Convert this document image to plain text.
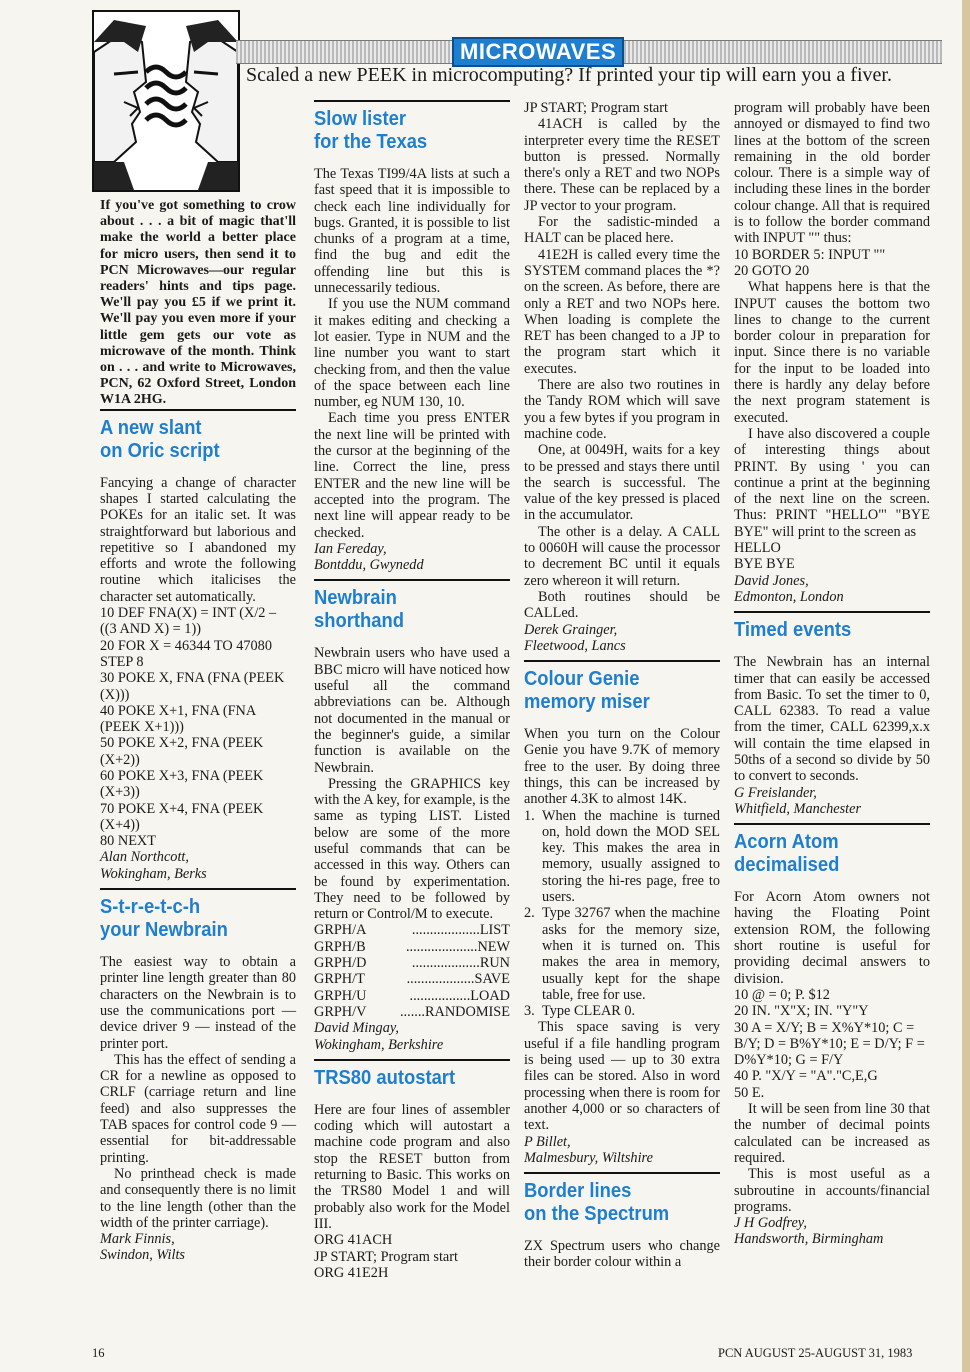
MICROWAVES
Scaled a new PEEK in microcomputing? If printed your tip will earn you a fiver.

If you've got something to crow about . . . a bit of magic that'll make the world a better place for micro users, then send it to PCN Microwaves—our regular readers' hints and tips page. We'll pay you £5 if we print it. We'll pay you even more if your little gem gets our vote as microwave of the month. Think on . . . and write to Microwaves, PCN, 62 Oxford Street, London W1A 2HG.

A new slant
on Oric script

Fancying a change of character shapes I started calculating the POKEs for an italic set. It was straightforward but laborious and repetitive so I abandoned my efforts and wrote the following routine which italicises the character set automatically.

10 DEF FNA(X) = INT (X/2 – ((3 AND X) = 1))
20 FOR X = 46344 TO 47080 STEP 8
30 POKE X, FNA (FNA (PEEK (X)))
40 POKE X+1, FNA (FNA (PEEK X+1)))
50 POKE X+2, FNA (PEEK (X+2))
60 POKE X+3, FNA (PEEK (X+3))
70 POKE X+4, FNA (PEEK (X+4))
80 NEXT
Alan Northcott,
Wokingham, Berks
S-t-r-e-t-c-h
your Newbrain

The easiest way to obtain a printer line length greater than 80 characters on the Newbrain is to use the communications port — device driver 9 — instead of the printer port.

This has the effect of sending a CR for a newline as opposed to CRLF (carriage return and line feed) and also suppresses the TAB spaces for control code 9 — essential for bit-addressable printing.

No printhead check is made and consequently there is no limit to the line length (other than the width of the printer carriage).

Mark Finnis,
Swindon, Wilts
Slow lister
for the Texas

The Texas TI99/4A lists at such a fast speed that it is impossible to check each line individually for bugs. Granted, it is possible to list chunks of a program at a time, find the bug and edit the offending line but this is unnecessarily tedious.

If you use the NUM command it makes editing and checking a lot easier. Type in NUM and the line number you want to start checking from, and then the value of the space between each line number, eg NUM 130, 10.

Each time you press ENTER the next line will be printed with the cursor at the beginning of the line. Correct the line, press ENTER and the new line will be accepted into the program. The next line will appear ready to be checked.

Ian Fereday,
Bontddu, Gwynedd
Newbrain
shorthand

Newbrain users who have used a BBC micro will have noticed how useful all the command abbreviations can be. Although not documented in the manual or the beginner's guide, a similar function is available on the Newbrain.

Pressing the GRAPHICS key with the A key, for example, is the same as typing LIST. Listed below are some of the more useful commands that can be accessed in this way. Others can be found by experimentation. They need to be followed by return or Control/M to execute.

GRPH/A	...................LIST
GRPH/B	....................NEW
GRPH/D	...................RUN
GRPH/T	...................SAVE
GRPH/U	.................LOAD
GRPH/V	.......RANDOMISE
David Mingay,
Wokingham, Berkshire
TRS80 autostart

Here are four lines of assembler coding which will autostart a machine code program and also stop the RESET button from returning to Basic. This works on the TRS80 Model 1 and will probably also work for the Model III.

ORG 41ACH
JP START; Program start
ORG 41E2H
JP START; Program start

41ACH is called by the interpreter every time the RESET button is pressed. Normally there's only a RET and two NOPs there. These can be replaced by a JP vector to your program.

For the sadistic-minded a HALT can be placed here.

41E2H is called every time the SYSTEM command places the *? on the screen. As before, there are only a RET and two NOPs here. When loading is complete the RET has been changed to a JP to the program start which it executes.

There are also two routines in the Tandy ROM which will save you a few bytes if you program in machine code.

One, at 0049H, waits for a key to be pressed and stays there until the search is successful. The value of the key pressed is placed in the accumulator.

The other is a delay. A CALL to 0060H will cause the processor to decrement BC until it equals zero whereon it will return.

Both routines should be CALLed.

Derek Grainger,
Fleetwood, Lancs
Colour Genie
memory miser

When you turn on the Colour Genie you have 9.7K of memory free to the user. By doing three things, this can be increased by another 4.3K to almost 14K.

1. When the machine is turned on, hold down the MOD SEL key. This makes the area in memory, usually assigned to storing the hi-res page, free to users.
2. Type 32767 when the machine asks for the memory size, when it is turned on. This makes the area in memory, usually kept for the shape table, free for use.
3. Type CLEAR 0.

This space saving is very useful if a file handling program is being used — up to 30 extra files can be stored. Also in word processing when there is room for another 4,000 or so characters of text.

P Billet,
Malmesbury, Wiltshire
Border lines
on the Spectrum

ZX Spectrum users who change their border colour within a

program will probably have been annoyed or dismayed to find two lines at the bottom of the screen remaining in the old border colour. There is a simple way of including these lines in the border colour change. All that is required is to follow the border command with INPUT "" thus:

10 BORDER 5: INPUT ""
20 GOTO 20

What happens here is that the INPUT causes the bottom two lines to change to the current border colour in preparation for input. Since there is no variable for the input to be loaded into there is hardly any delay before the next program statement is executed.

I have also discovered a couple of interesting things about PRINT. By using ' you can continue a print at the beginning of the next line on the screen. Thus: PRINT "HELLO"' "BYE BYE" will print to the screen as

HELLO
BYE BYE
David Jones,
Edmonton, London
Timed events

The Newbrain has an internal timer that can easily be accessed from Basic. To set the timer to 0, CALL 62383. To read a value from the timer, CALL 62399,x.x will contain the time elapsed in 50ths of a second so divide by 50 to convert to seconds.

G Freislander,
Whitfield, Manchester
Acorn Atom
decimalised

For Acorn Atom owners not having the Floating Point extension ROM, the following short routine is useful for providing decimal answers to division.

10 @ = 0; P. $12
20 IN. "X"X; IN. "Y"Y
30 A = X/Y; B = X%Y*10; C = B/Y; D = B%Y*10; E = D/Y; F = D%Y*10; G = F/Y
40 P. "X/Y = "A"."C,E,G
50 E.

It will be seen from line 30 that the number of decimal points calculated can be increased as required.

This is most useful as a subroutine in accounts/financial programs.

J H Godfrey,
Handsworth, Birmingham
16	PCN AUGUST 25-AUGUST 31, 1983
